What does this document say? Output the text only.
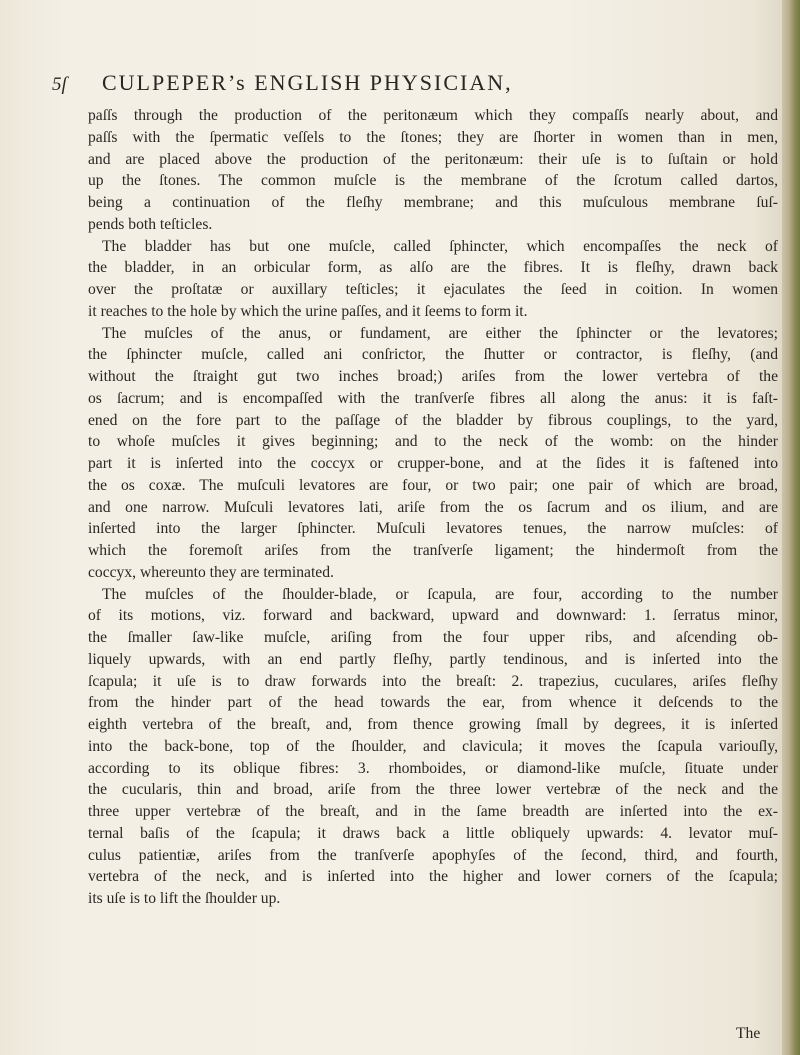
5ſ CULPEPER’s ENGLISH PHYSICIAN,
paſſs through the production of the peritonæum which they compaſſs nearly about, and
paſſs with the ſpermatic veſſels to the ſtones; they are ſhorter in women than in men,
and are placed above the production of the peritonæum: their uſe is to ſuſtain or hold
up the ſtones. The common muſcle is the membrane of the ſcrotum called dartos,
being a continuation of the fleſhy membrane; and this muſculous membrane ſuſ-
pends both teſticles.
The bladder has but one muſcle, called ſphincter, which encompaſſes the neck of
the bladder, in an orbicular form, as alſo are the fibres. It is fleſhy, drawn back
over the proſtatæ or auxillary teſticles; it ejaculates the ſeed in coition. In women
it reaches to the hole by which the urine paſſes, and it ſeems to form it.
The muſcles of the anus, or fundament, are either the ſphincter or the levatores;
the ſphincter muſcle, called ani conſrictor, the ſhutter or contractor, is fleſhy, (and
without the ſtraight gut two inches broad;) ariſes from the lower vertebra of the
os ſacrum; and is encompaſſed with the tranſverſe fibres all along the anus: it is faſt-
ened on the fore part to the paſſage of the bladder by fibrous couplings, to the yard,
to whoſe muſcles it gives beginning; and to the neck of the womb: on the hinder
part it is inſerted into the coccyx or crupper-bone, and at the ſides it is faſtened into
the os coxæ. The muſculi levatores are four, or two pair; one pair of which are broad,
and one narrow. Muſculi levatores lati, ariſe from the os ſacrum and os ilium, and are
inſerted into the larger ſphincter. Muſculi levatores tenues, the narrow muſcles: of
which the foremoſt ariſes from the tranſverſe ligament; the hindermoſt from the
coccyx, whereunto they are terminated.
The muſcles of the ſhoulder-blade, or ſcapula, are four, according to the number
of its motions, viz. forward and backward, upward and downward: 1. ſerratus minor,
the ſmaller ſaw-like muſcle, ariſing from the four upper ribs, and aſcending ob-
liquely upwards, with an end partly fleſhy, partly tendinous, and is inſerted into the
ſcapula; it uſe is to draw forwards into the breaſt: 2. trapezius, cuculares, ariſes fleſhy
from the hinder part of the head towards the ear, from whence it deſcends to the
eighth vertebra of the breaſt, and, from thence growing ſmall by degrees, it is inſerted
into the back-bone, top of the ſhoulder, and clavicula; it moves the ſcapula variouſly,
according to its oblique fibres: 3. rhomboides, or diamond-like muſcle, ſituate under
the cucularis, thin and broad, ariſe from the three lower vertebræ of the neck and the
three upper vertebræ of the breaſt, and in the ſame breadth are inſerted into the ex-
ternal baſis of the ſcapula; it draws back a little obliquely upwards: 4. levator muſ-
culus patientiæ, ariſes from the tranſverſe apophyſes of the ſecond, third, and fourth,
vertebra of the neck, and is inſerted into the higher and lower corners of the ſcapula;
its uſe is to lift the ſhoulder up.
The
